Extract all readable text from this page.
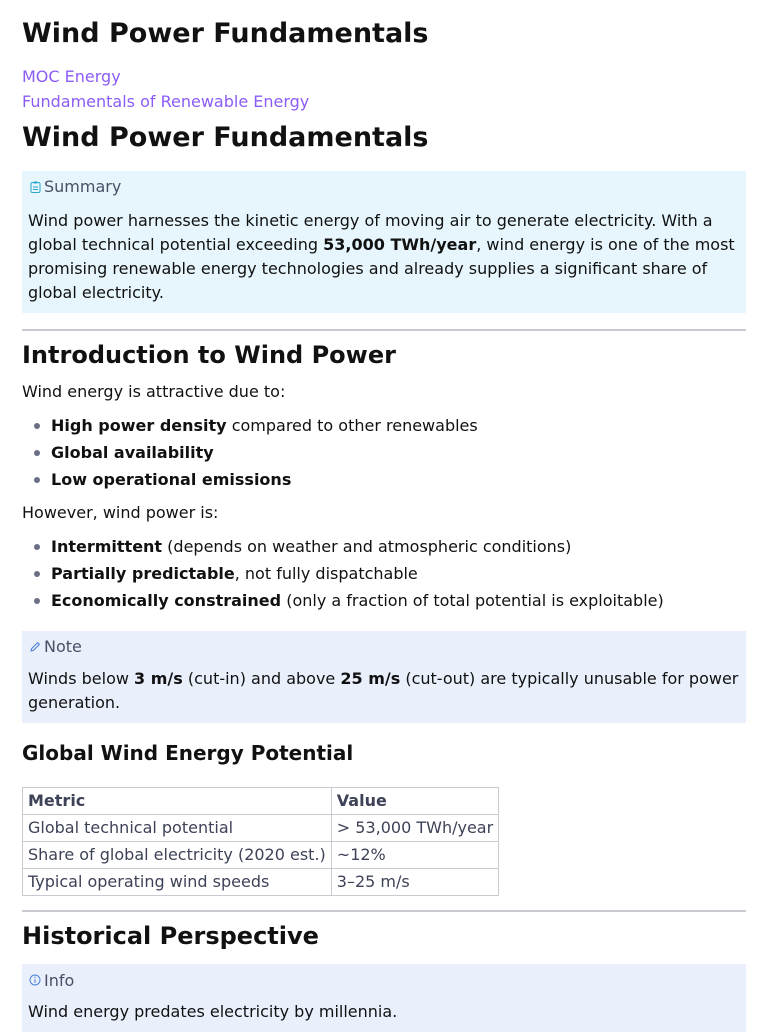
Wind Power Fundamentals
MOC Energy
Fundamentals of Renewable Energy
Wind Power Fundamentals
Summary
Wind power harnesses the kinetic energy of moving air to generate electricity. With a global technical potential exceeding 53,000 TWh/year, wind energy is one of the most promising renewable energy technologies and already supplies a significant share of global electricity.
Introduction to Wind Power

Wind energy is attractive due to:

High power density compared to other renewables
Global availability
Low operational emissions

However, wind power is:

Intermittent (depends on weather and atmospheric conditions)
Partially predictable, not fully dispatchable
Economically constrained (only a fraction of total potential is exploitable)
Note
Winds below 3 m/s (cut-in) and above 25 m/s (cut-out) are typically unusable for power generation.
Global Wind Energy Potential
Metric	Value
Global technical potential	> 53,000 TWh/year
Share of global electricity (2020 est.)	~12%
Typical operating wind speeds	3–25 m/s
Historical Perspective
Info
Wind energy predates electricity by millennia.
